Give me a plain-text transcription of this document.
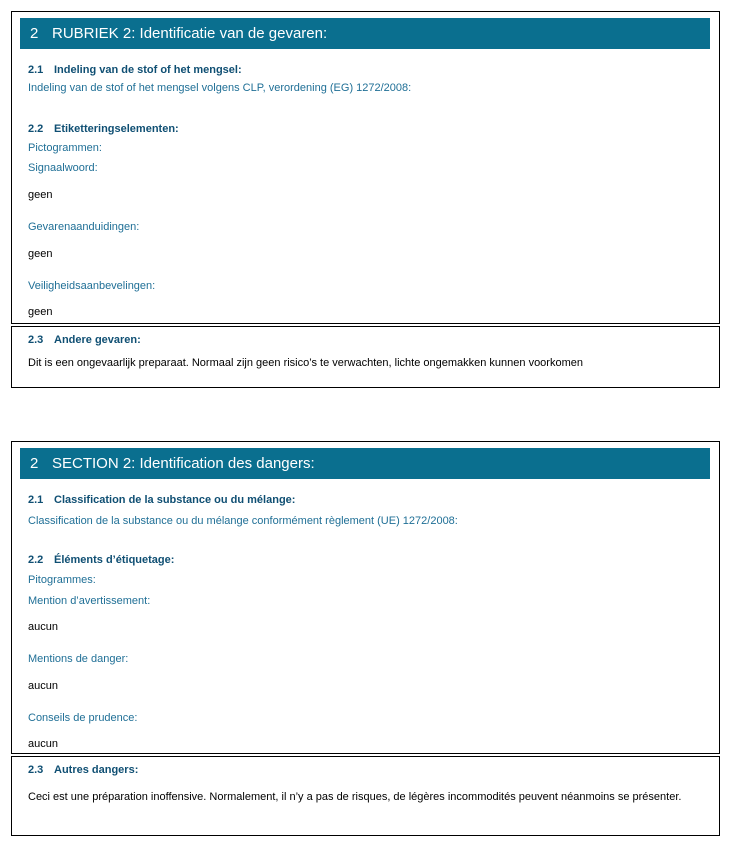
2 RUBRIEK 2: Identificatie van de gevaren:
2.1 Indeling van de stof of het mengsel:
Indeling van de stof of het mengsel volgens CLP, verordening (EG) 1272/2008:
2.2 Etiketteringselementen:
Pictogrammen:
Signaalwoord:
geen
Gevarenaanduidingen:
geen
Veiligheidsaanbevelingen:
geen
2.3 Andere gevaren:
Dit is een ongevaarlijk preparaat. Normaal zijn geen risico’s te verwachten, lichte ongemakken kunnen voorkomen
2 SECTION 2: Identification des dangers:
2.1 Classification de la substance ou du mélange:
Classification de la substance ou du mélange conformément règlement (UE) 1272/2008:
2.2 Éléments d’étiquetage:
Pitogrammes:
Mention d’avertissement:
aucun
Mentions de danger:
aucun
Conseils de prudence:
aucun
2.3 Autres dangers:
Ceci est une préparation inoffensive. Normalement, il n’y a pas de risques, de légères incommodités peuvent néanmoins se présenter.
